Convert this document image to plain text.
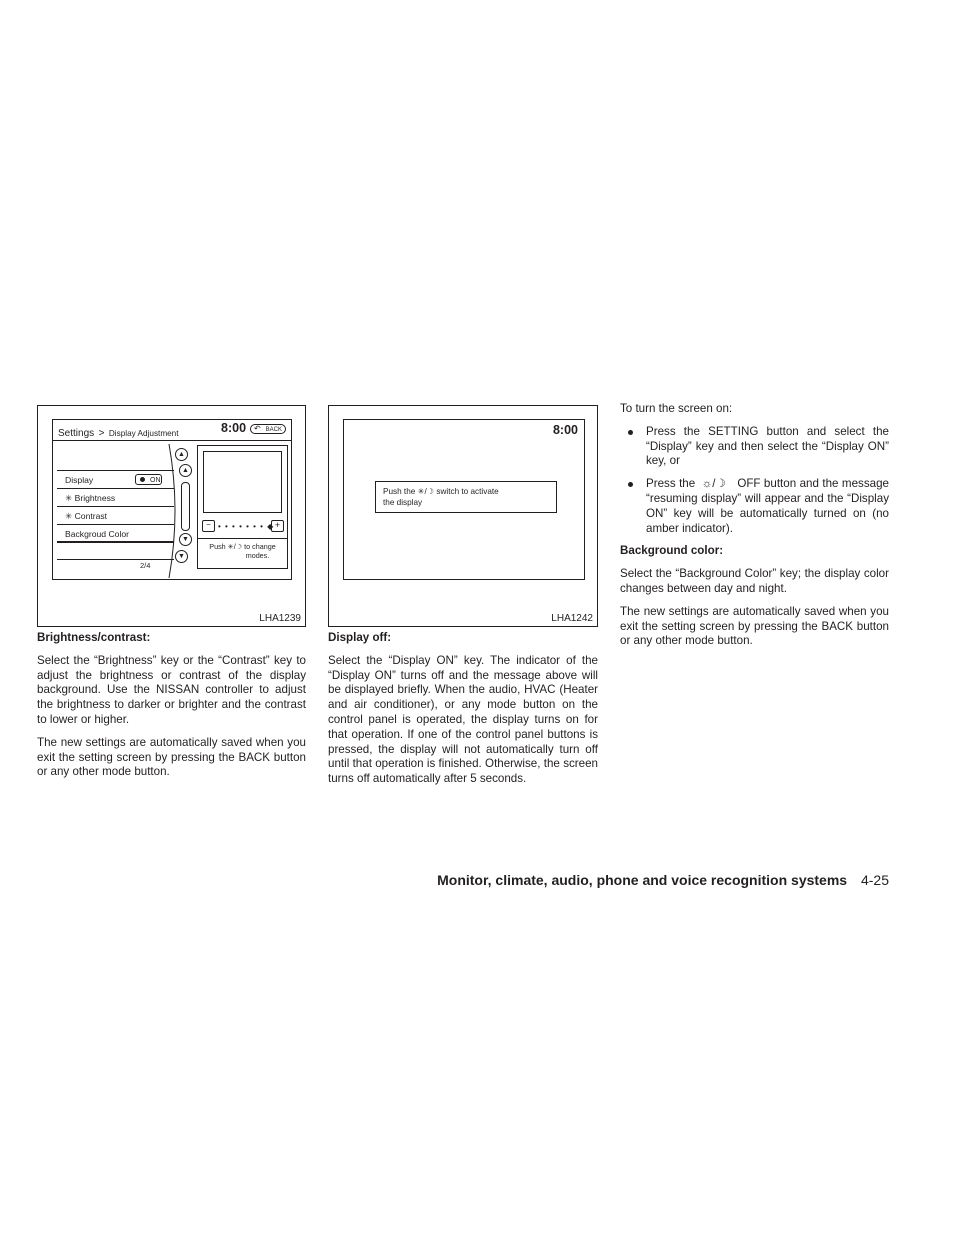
Settings > Display Adjustment	8:00 ↶ BACK
Display	ON
✳ Brightness
✳ Contrast
Backgroud Color
2/4
▲
▲
▼
▼
− • • • • • • • ◆ +
Push ✳/☽ to change
modes.
LHA1239
8:00
Push the ✳/☽ switch to activate
the display
LHA1242
Brightness/contrast:

Select the “Brightness” key or the “Contrast” key to adjust the brightness or contrast of the display background. Use the NISSAN controller to adjust the brightness to darker or brighter and the contrast to lower or higher.

The new settings are automatically saved when you exit the setting screen by pressing the BACK button or any other mode button.

Display off:

Select the “Display ON” key. The indicator of the “Display ON” turns off and the message above will be displayed briefly. When the audio, HVAC (Heater and air conditioner), or any mode button on the control panel is operated, the display turns on for that operation. If one of the control panel buttons is pressed, the display will not automatically turn off until that operation is finished. Otherwise, the screen turns off automatically after 5 seconds.

To turn the screen on:

Press the SETTING button and select the “Display” key and then select the “Display ON” key, or
Press the ☼/☽ OFF button and the message “resuming display” will appear and the “Display ON” key will be automatically turned on (no amber indicator).
Background color:

Select the “Background Color” key; the display color changes between day and night.

The new settings are automatically saved when you exit the setting screen by pressing the BACK button or any other mode button.

Monitor, climate, audio, phone and voice recognition systems 4-25
